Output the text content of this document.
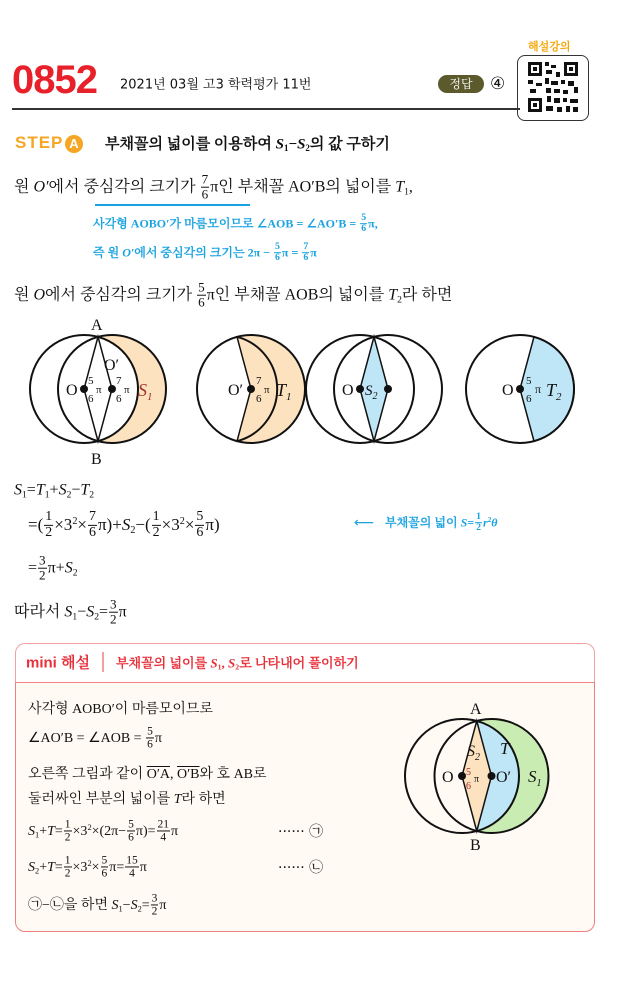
0852 2021년 03월 고3 학력평가 11번	정답	④
해설강의
STEP A 부채꼴의 넓이를 이용하여 S1−S2의 값 구하기
원 O′에서 중심각의 크기가 $\frac{7}{6}$ π인 부채꼴 AO′B의 넓이를 T1,
사각형 AOBO′가 마름모이므로 ∠AOB = ∠AO′B = $\frac{5}{6} \pi$,
즉 원 O′에서 중심각의 크기는 $2\pi - \frac{5}{6}$ $\pi = \frac{7}{6}$ π
원 O에서 중심각의 크기가 $\frac{5}{6}$ π인 부채꼴 AOB의 넓이를 T2라 하면
A
B
O
O′
5
6
π
7
6
π $S_1$	O′
7
6
π $T_1$	O $S_2$	O
5
6
π $T_2$
S1=T1+S2−T2
=( $\frac{1}{2} \times 3^2\times \frac{7}{6} \pi)+S2-( \frac{1}{2} \times 3^2\times \frac{5}{6} \pi)$	⟵ 부채꼴의 넓이 $S= \frac{1}{2} r^2\theta$
= $\frac{3}{2} \pi+S2$
따라서 $S1-S2= \frac{3}{2}$ π
mini 해설 부채꼴의 넓이를 S1, S2로 나타내어 풀이하기
사각형 AOBO′이 마름모이므로
∠AO′B = ∠AOB = $\frac{5}{6}$ π
오른쪽 그림과 같이 O′A, O′B와 호 AB로
둘러싸인 부분의 넓이를 T라 하면
$S1+T= \frac{1}{2} \times 3^2\times(2\pi- \frac{5}{6} \pi)= \frac{21}{4}$ π	······ ㉠
$S2+T= \frac{1}{2} \times 3^2\times \frac{5}{6} \pi= \frac{15}{4}$ π	······ ㉡
㉠−㉡을 하면 $S1-S2= \frac{3}{2}$ π
A
B
O	O′
$S_2$
5
6
π
T
$S_1$
